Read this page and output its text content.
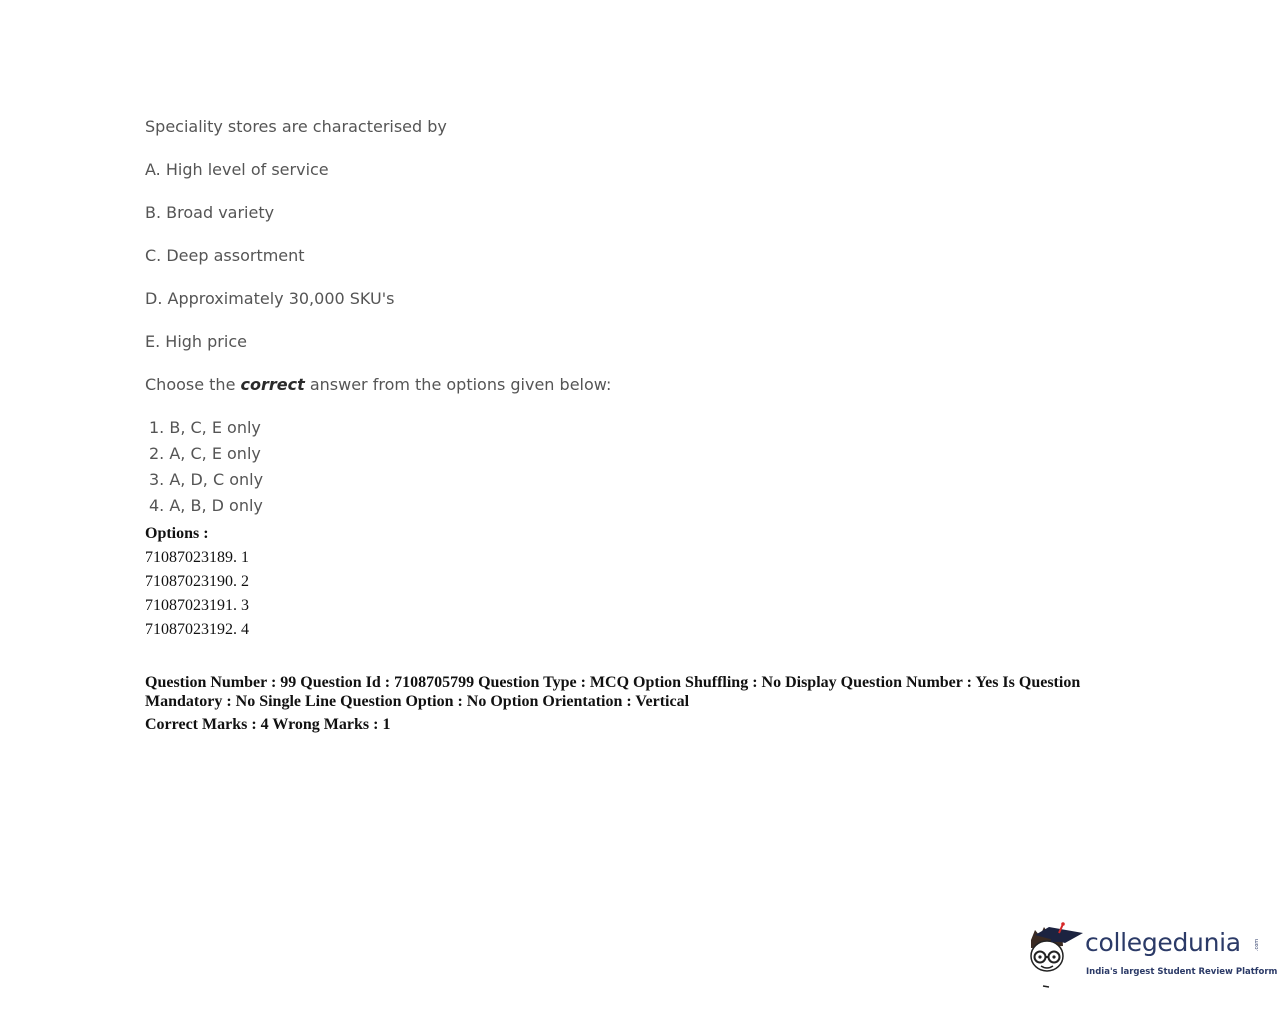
Speciality stores are characterised by
A. High level of service
B. Broad variety
C. Deep assortment
D. Approximately 30,000 SKU's
E. High price
Choose the correct answer from the options given below:
1. B, C, E only
2. A, C, E only
3. A, D, C only
4. A, B, D only
Options :
71087023189. 1
71087023190. 2
71087023191. 3
71087023192. 4
Question Number : 99 Question Id : 7108705799 Question Type : MCQ Option Shuffling : No Display Question Number : Yes Is Question Mandatory : No Single Line Question Option : No Option Orientation : Vertical
Correct Marks : 4 Wrong Marks : 1
collegedunia	.com
India's largest Student Review Platform
